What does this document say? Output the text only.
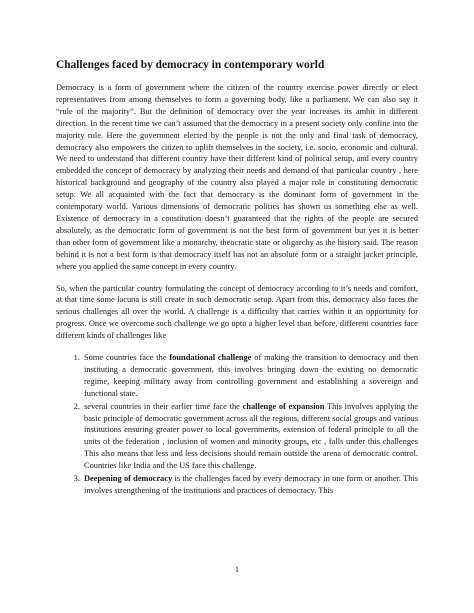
Challenges faced by democracy in contemporary world

Democracy is a form of government where the citizen of the country exercise power directly or elect representatives from among themselves to form a governing body, like a parliament. We can also say it “rule of the majority”. But the definition of democracy over the year increases its ambit in different direction. In the recent time we can’t assumed that the democracy in a present society only confine into the majority rule. Here the government elected by the people is not the only and final task of democracy, democracy also empowers the citizen to uplift themselves in the society, i.e. socio, economic and cultural. We need to understand that different country have their different kind of political setup, and every country embedded the concept of democracy by analyzing their needs and demand of that particular country , here historical background and geography of the country also played a major role in constituting democratic setup. We all acquainted with the fact that democracy is the dominant form of government in the contemporary world. Various dimensions of democratic politics has shown us something else as well. Existence of democracy in a constitution doesn’t guaranteed that the rights of the people are secured absolutely, as the democratic form of government is not the best form of government but yes it is better than other form of government like a monarchy, theocratic state or oligarchy as the history said. The reason behind it is not a best form is that democracy itself has not an absolute form or a straight jacket principle, where you applied the same concept in every country.

So, when the particular country formulating the concept of democracy according to it’s needs and comfort, at that time some lacuna is still create in such democratic setup. Apart from this, democracy also faces the serious challenges all over the world. A challenge is a difficulty that carries within it an opportunity for progress. Once we overcome such challenge we go upto a higher level than before, different countries face different kinds of challenges like

1. Some countries face the foundational challenge of making the transition to democracy and then instituting a democratic government, this involves bringing down the existing no democratic regime, keeping military away from controlling government and establishing a sovereign and functional state.
2. several countries in their earlier time face the challenge of expansion This involves applying the basic principle of democratic government across all the regions, different social groups and various institutions ensuring greater power to local governments, extension of federal principle to all the units of the federation , inclusion of women and minority groups, etc , falls under this challenges This also means that less and less decisions should remain outside the arena of democratic control. Countries like India and the US face this challenge.
3. Deepening of democracy is the challenges faced by every democracy in one form or another. This involves strengthening of the institutions and practices of democracy. This
1
